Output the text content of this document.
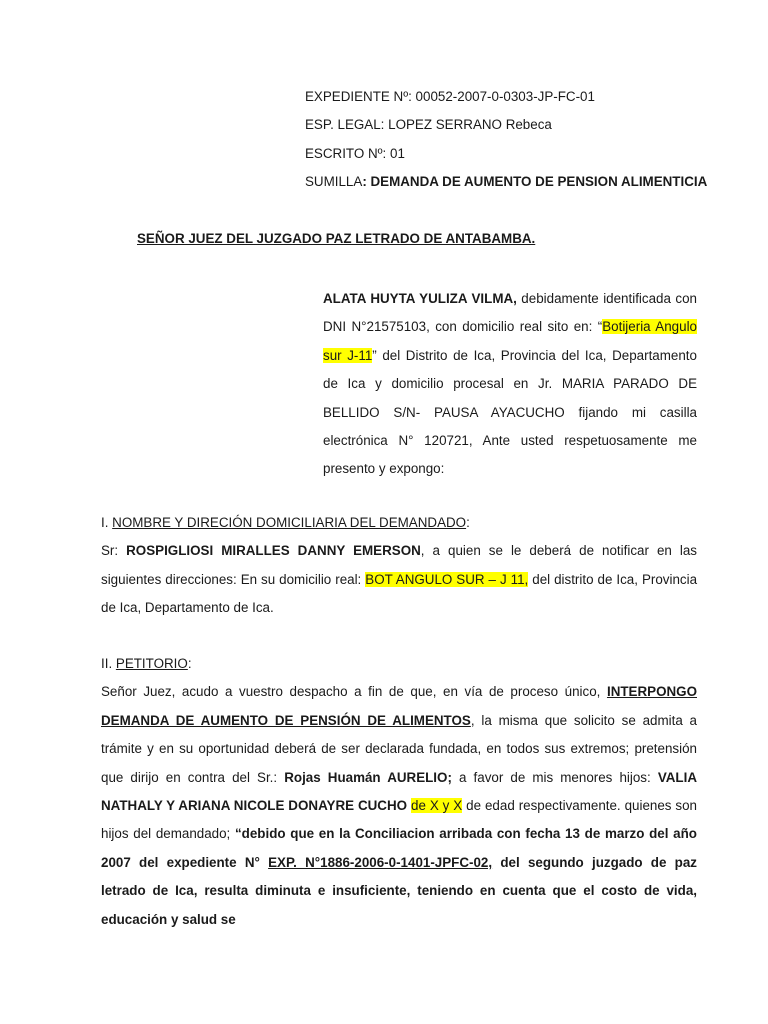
EXPEDIENTE Nº: 00052-2007-0-0303-JP-FC-01
ESP. LEGAL: LOPEZ SERRANO Rebeca
ESCRITO Nº: 01
SUMILLA: DEMANDA DE AUMENTO DE PENSION ALIMENTICIA
SEÑOR JUEZ DEL JUZGADO PAZ LETRADO DE ANTABAMBA.
ALATA HUYTA YULIZA VILMA, debidamente identificada con DNI N°21575103, con domicilio real sito en: “Botijeria Angulo sur J-11” del Distrito de Ica, Provincia del Ica, Departamento de Ica y domicilio procesal en Jr. MARIA PARADO DE BELLIDO S/N- PAUSA AYACUCHO fijando mi casilla electrónica N° 120721, Ante usted respetuosamente me presento y expongo:
I. NOMBRE Y DIRECIÓN DOMICILIARIA DEL DEMANDADO:
Sr: ROSPIGLIOSI MIRALLES DANNY EMERSON, a quien se le deberá de notificar en las siguientes direcciones: En su domicilio real: BOT ANGULO SUR – J 11, del distrito de Ica, Provincia de Ica, Departamento de Ica.
II. PETITORIO:
Señor Juez, acudo a vuestro despacho a fin de que, en vía de proceso único, INTERPONGO DEMANDA DE AUMENTO DE PENSIÓN DE ALIMENTOS, la misma que solicito se admita a trámite y en su oportunidad deberá de ser declarada fundada, en todos sus extremos; pretensión que dirijo en contra del Sr.: Rojas Huamán AURELIO; a favor de mis menores hijos: VALIA NATHALY Y ARIANA NICOLE DONAYRE CUCHO de X y X de edad respectivamente. quienes son hijos del demandado; “debido que en la Conciliacion arribada con fecha 13 de marzo del año 2007 del expediente N° EXP. N°1886-2006-0-1401-JPFC-02, del segundo juzgado de paz letrado de Ica, resulta diminuta e insuficiente, teniendo en cuenta que el costo de vida, educación y salud se
